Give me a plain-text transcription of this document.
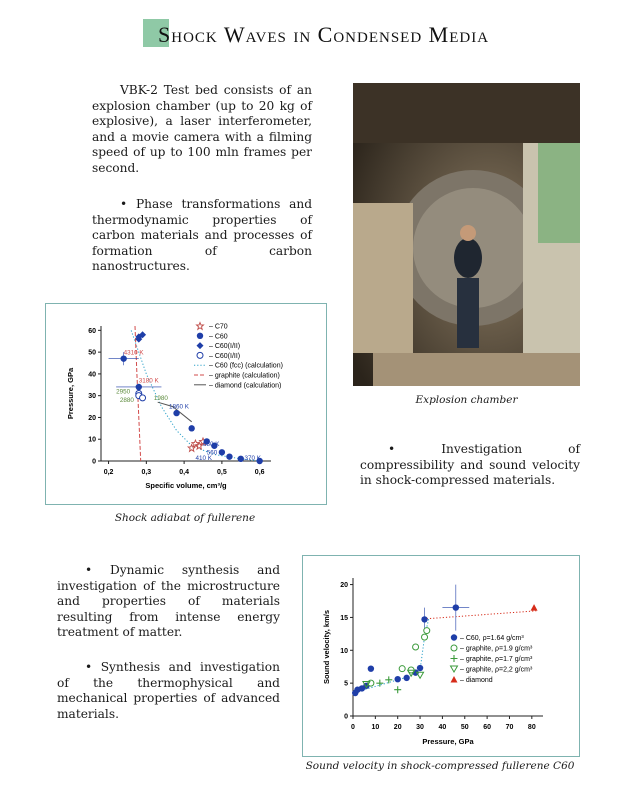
Shock Waves in Condensed Media
VBK-2 Test bed consists of an explosion chamber (up to 20 kg of explosive), a laser interferometer, and a movie camera with a filming speed of up to 100 mln frames per second.
• Phase transformations and thermodynamic properties of carbon materials and processes of formation of carbon nanostructures.
Explosion chamber
• Investigation of compressibility and sound velocity in shock-compressed materials.
0,2	0,3	0,4	0,5	0,6
0
10
20
30
40
50
60
Specific volume, cm³/g
Pressure, GPa
4310 K
3180 K
2950
2880	1980
1860 K
880 K
560 K
410 K	370 K
– C70
– C60
– C60(I/II)
– C60(I/II)
– C60 (fcc) (calculation)
– graphite (calculation)
– diamond (calculation)
Shock adiabat of fullerene
• Dynamic synthesis and investigation of the microstructure and properties of materials resulting from intense energy treatment of matter.
• Synthesis and investigation of the thermophysical and mechanical properties of advanced materials.
0 10 20 30 40 50 60 70 80
0
5
10
15
20
Pressure, GPa
Sound velocity, km/s	– C60, ρ=1.64 g/cm³
– graphite, ρ=1.9 g/cm³
– graphite, ρ=1.7 g/cm³
– graphite, ρ=2,2 g/cm³
– diamond
Sound velocity in shock-compressed fullerene C60
